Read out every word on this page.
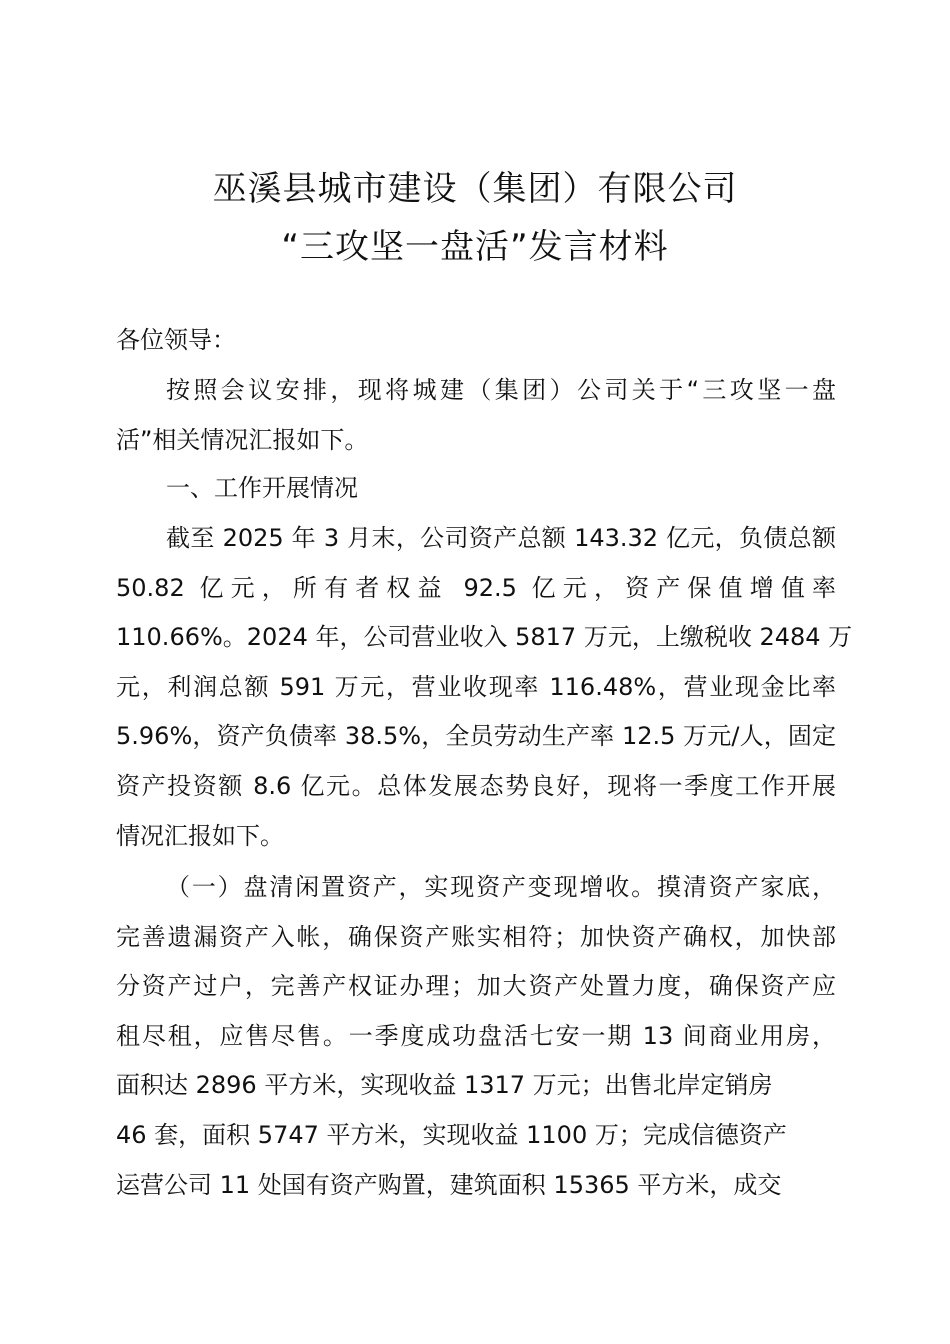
巫溪县城市建设（集团）有限公司
“三攻坚一盘活”发言材料
各位领导：
按照会议安排，现将城建（集团）公司关于“三攻坚一盘
活”相关情况汇报如下。
一、工作开展情况
截至 2025 年 3 月末，公司资产总额 143.32 亿元，负债总额
50.82 亿元，所有者权益 92.5 亿元，资产保值增值率
110.66%。2024 年，公司营业收入 5817 万元，上缴税收 2484 万
元，利润总额 591 万元，营业收现率 116.48%，营业现金比率
5.96%，资产负债率 38.5%，全员劳动生产率 12.5 万元/人，固定
资产投资额 8.6 亿元。总体发展态势良好，现将一季度工作开展
情况汇报如下。
（一）盘清闲置资产，实现资产变现增收。摸清资产家底，
完善遗漏资产入帐，确保资产账实相符；加快资产确权，加快部
分资产过户，完善产权证办理；加大资产处置力度，确保资产应
租尽租，应售尽售。一季度成功盘活七安一期 13 间商业用房，
面积达 2896 平方米，实现收益 1317 万元；出售北岸定销房
46 套，面积 5747 平方米，实现收益 1100 万；完成信德资产
运营公司 11 处国有资产购置，建筑面积 15365 平方米，成交
